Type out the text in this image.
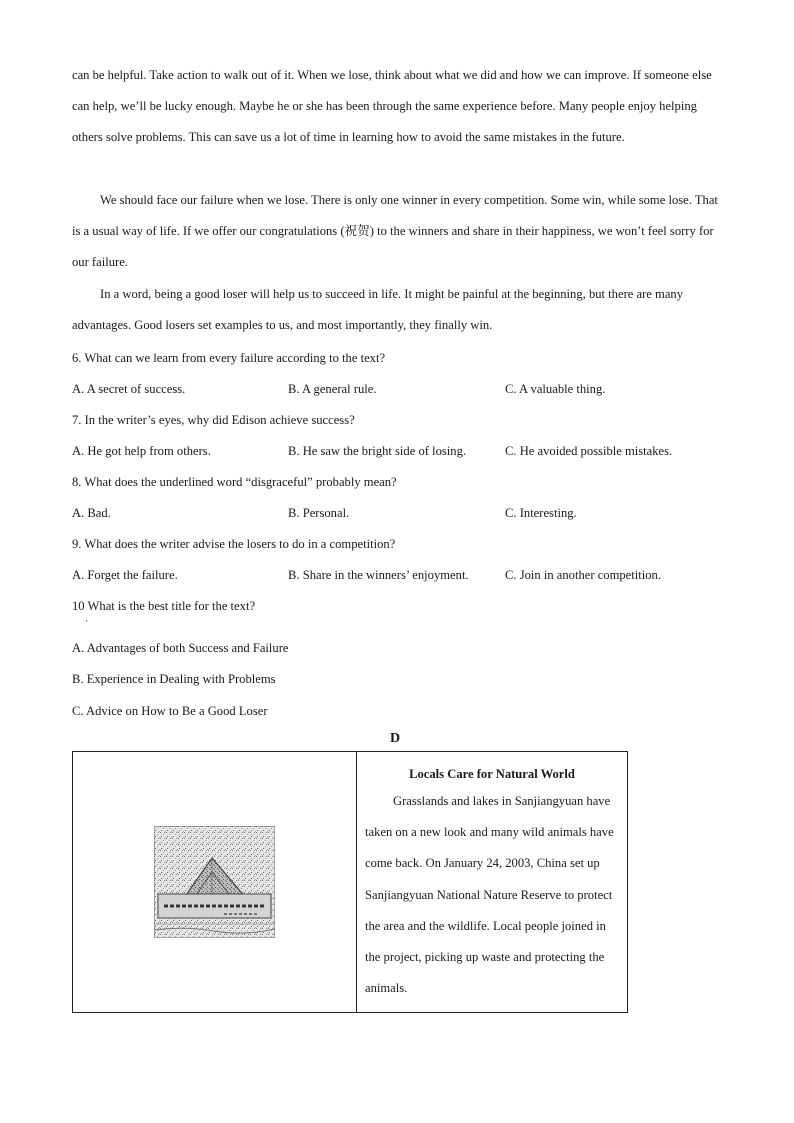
can be helpful. Take action to walk out of it. When we lose, think about what we did and how we can improve. If someone else can help, we’ll be lucky enough. Maybe he or she has been through the same experience before. Many people enjoy helping others solve problems. This can save us a lot of time in learning how to avoid the same mistakes in the future.

We should face our failure when we lose. There is only one winner in every competition. Some win, while some lose. That is a usual way of life. If we offer our congratulations (祝贺) to the winners and share in their happiness, we won’t feel sorry for our failure.

In a word, being a good loser will help us to succeed in life. It might be painful at the beginning, but there are many advantages. Good losers set examples to us, and most importantly, they finally win.

6. What can we learn from every failure according to the text?
A. A secret of success.	B. A general rule.	C. A valuable thing.
7. In the writer’s eyes, why did Edison achieve success?
A. He got help from others.	B. He saw the bright side of losing.	C. He avoided possible mistakes.
8. What does the underlined word “disgraceful” probably mean?
A. Bad.	B. Personal.	C. Interesting.
9. What does the writer advise the losers to do in a competition?
A. Forget the failure.	B. Share in the winners’ enjoyment.	C. Join in another competition.
10 What is the best title for the text?
·
A. Advantages of both Success and Failure
B. Experience in Dealing with Problems
C. Advice on How to Be a Good Loser
D

Locals Care for Natural World

Grasslands and lakes in Sanjiangyuan have taken on a new look and many wild animals have come back. On January 24, 2003, China set up Sanjiangyuan National Nature Reserve to protect the area and the wildlife. Local people joined in the project, picking up waste and protecting the animals.
